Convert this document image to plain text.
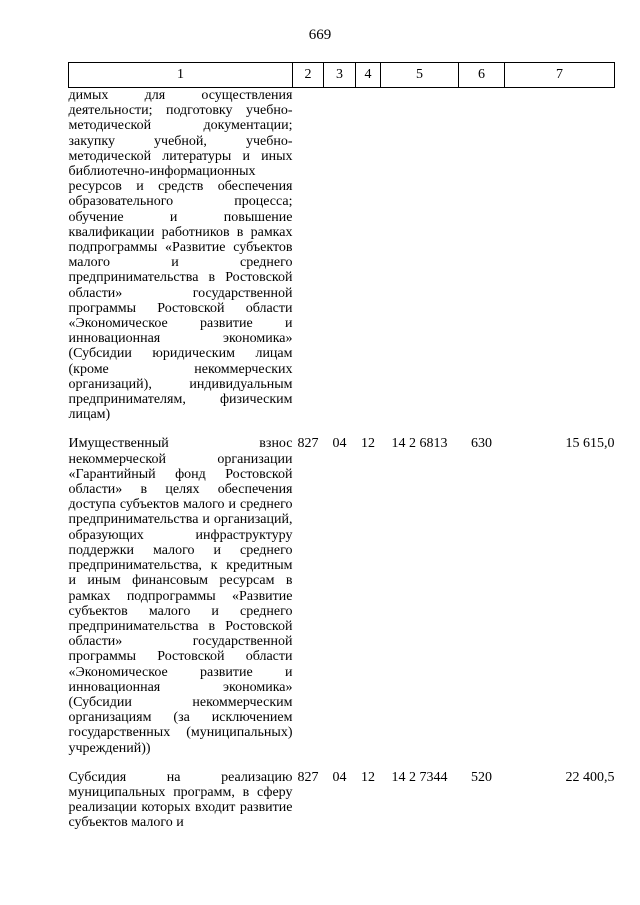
669
1	2	3	4	5	6	7
димых для осуществления деятельности; подготовку учебно-методической документации; закупку учебной, учебно-методической литературы и иных библиотечно-информационных ресурсов и средств обеспечения образовательного процесса; обучение и повышение квалификации работников в рамках подпрограммы «Развитие субъектов малого и среднего предпринимательства в Ростовской области» государственной программы Ростовской области «Экономическое развитие и инновационная экономика» (Субсидии юридическим лицам (кроме некоммерческих организаций), индивидуальным предпринимателям, физическим лицам)						
Имущественный взнос некоммерческой организации «Гарантийный фонд Ростовской области» в целях обеспечения доступа субъектов малого и среднего предпринимательства и организаций, образующих инфраструктуру поддержки малого и среднего предпринимательства, к кредитным и иным финансовым ресурсам в рамках подпрограммы «Развитие субъектов малого и среднего предпринимательства в Ростовской области» государственной программы Ростовской области «Экономическое развитие и инновационная экономика» (Субсидии некоммерческим организациям (за исключением государственных (муниципальных) учреждений))	827	04	12	14 2 6813	630	15 615,0
Субсидия на реализацию муниципальных программ, в сферу реализации которых входит развитие субъектов малого и	827	04	12	14 2 7344	520	22 400,5
